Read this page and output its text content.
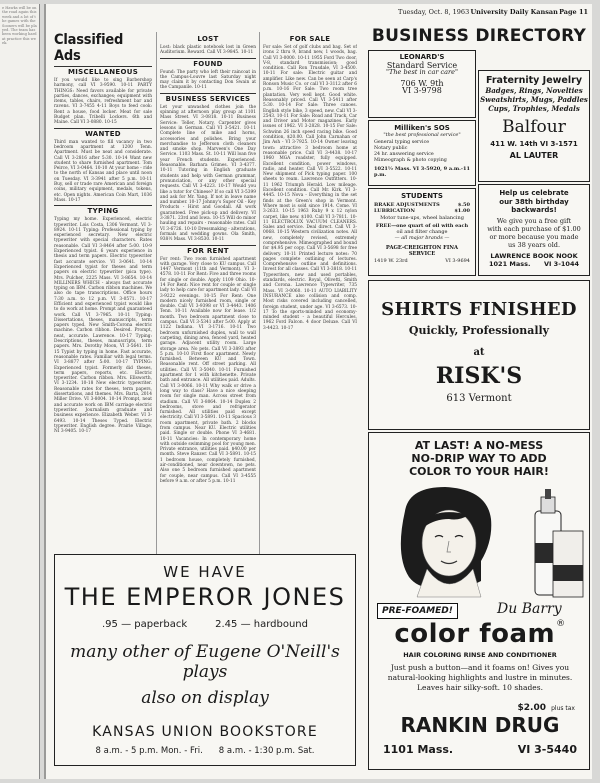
e Hawks will be on the road again this week and a lot of the games with the Sooners will be played. The team has been working hard at practice this week.
Tuesday, Oct. 8, 1963 University Daily Kansan Page 11
Classified Ads
MISCELLANEOUS
If you would like to sing Barbershop harmony, call VI 3-9590. 10-11 PARTY THINGS: Need favors available for private parties, dances, exchanges; equipment with items, tables, chairs, refreshment bar and ravens. VI 3-7455 4-11 Boys to feed cook: Rent a house, food locker. Meat for sale Budget plan. Tribelli Lockers. 6th and Maine. Call VI 3-0880. 10-15
WANTED
Third man wanted to fill vacancy in two bedroom apartment at 1200 Tenn. Apartment. Must be neat and considerate. Call VI 3-2816 after 5:30. 10-14 Want new student to share furnished apartment. Tom Peirce, VI 3-0464. 10-10 At your home - ride to the north of Kansas and place until noon on Tuesday. VI 3-3941 after 5 p.m. 10-11 Buy, sell or trade rare American and foreign coins, military equipment, medals, tokens, etc. Open nights. American Coin Mart, 1036 Mass. 10-17
TYPING
Typing my home. Experienced, electric typewriter. Lois Costa, 1306 Vermont. VI 3-8924. 10-11 Typing: Professional typing by experienced secretary. New electric typewriter with special characters. Rates reasonable. Call VI 3-8464 after 5:00. 10-9 Experienced typist. 6 years experience in thesis and term papers. Electric typewriter fast accurate service. VI 3-0641. 10-14 Experienced typist for theses and term papers on electric typewriter (pica type). Mrs. Pulcher, 2225 Mass. VI 3-8654. 10-14 MILLINERS WHICH - always fast accurate typing on IBM. Carbon ribbon machines. We also do tape transcriptions. Office hours 7:30 a.m. to 12 p.m. VI 3-0571. 10-17 Efficient and experienced typist would like to do work at home. Prompt and guaranteed work. Call VI 3-7965. 10-11 Typing: Dissertations, theses, manuscripts, term papers typed. New Smith-Corona electric machine. Carbon ribbon. Desired. Prompt, neat, accurate. Lawrence. 10-17 Typing: Descriptions, theses, manuscripts, term papers. Mrs. Dorothy Moon, VI 3-5641. 10-15 Typist by typing in home. Fast accurate, reasonable rates. Familiar with legal terms. VI 3-8877 after 5:00. 10-17 TYPING: Experienced typist. Formerly did theses, term papers, reports, etc. Electric typewriter. Carbon ribbon. Mrs. Ellsworth, VI 3-1234. 10-18 New electric typewriter. Reasonable rates for theses, term papers, dissertations, and themes. Mrs. Barta, 2014 Miller Drive. VI 3-8004. 10-14 Prompt, neat and accurate work on IBM carriage electric typewriter. Journalism graduate and business experience. Elizabeth Weber. VI 3-6493. 10-14 Theses Typed. Electric typewriter. English degree. Prairie Village, NI 3-9405. 10-17
LOST
Lost: black plastic notebook lost in Green Auditorium. Reward. Call VI 3-9845. 10-11
FOUND
Found: The party who left their raincoat in the Campus-Louvre last Saturday night may claim it by contacting Don Swain at the Campanile. 10-11
BUSINESS SERVICES
Let your unwashed clothes join the spinning at afternoon play group at 1101 Mass Street. VI 3-0818. 10-11 Business Service: Teller, Notary, Carpenter gives lessons in German. Call VI 3-5421. 10-11 Complete line of mike and horns, accessories and polishes. Bring your merchandise to Jefferson cloth cleaners and smoke shop. Marveen's One Day Service. 1103 Mass. St. 10-11 Will loan five year French students. Experienced. Reasonable. Barbara Grimes. VI 3-4377. 10-11 Tutoring in English graduate students and help with German grammar, pronunciation, or any other special requests. Call VI 3-4223. 10-17 Would you like a tutor for Chinese? If so call VI 3-5399 and ask for Mr. Yang. If not in leave name and number. 10-17 Johnny's Super Oil - Key Products - Hirst and Goodall. All work guaranteed. Free pick-up and delivery. VI 3-3871. 23rd and Iowa. 10-15 Will do minor hauling and repairs - reasonable rates. Call VI 3-6726. 10-10 Dressmaking - alterations, formals and wedding gowns. Ola Smith, 938½ Mass. VI 3-8530. 10-11
FOR RENT
For rent: Two room furnished apartment with garage. Very close to KU campus. Call 1447 Vermont (11th and Vermont). VI 3-4578. 10-11 For Rent: Five and three rooms for single or double. Apply 1109 Ohio. 10-14 For Rent: Nice rent for couple or single lady to help care for apartment lady. Call VI 3-9222 evenings. 10-15 For Rent: One modern nicely furnished room, single or double. Call VI 3-9398 or VI 3-4443. 1406 Tenn. 10-11 Available now for lease. 1/2 month. Two bedroom apartment close to campus. Call VI 3-5341 after 5:00. Apply at 1122 Indiana. VI 3-1716. 10-11 Two bedroom unfurnished duplex, wall to wall carpeting, dining area, fenced yard, heated garage. Adjacent utility room. Large storage area. No pets. Call VI 3-3893 after 5 p.m. 10-10 First floor apartment. Newly furnished. Between KU and Town. Reasonable rent. Off street parking. All utilities. Call VI 3-5040. 10-11 Furnished apartment for 1 with kitchenette. Private bath and entrance. All utilities paid. Adults. Call VI 3-0066. 10-11 Why walk or drive a long way to class? Have a nice sleeping room for single man. Across street from stadium. Call VI 3-8064. 10-14 Duplex 2 bedrooms, stove and refrigerator furnished. All utilities paid except electricity. Call VI 3-5891. 10-11 Spacious 3 room apartment, private bath. 2 blocks from campus. Near KU. Electric utilities paid. Single or double. Phone VI 3-4681. 10-11 Vacancies: In contemporary home with outside swimming pool for young men. Private entrance, utilities paid. $40.00 per month. Steve Ranzer. Call VI 3-5891. 10-15 1 bedroom house, completely furnished, air-conditioned, near downtown, no pets. Also one 5 bedroom furnished apartment for couple, near campus. Call VI 3-4555 before 9 a.m. or after 5 p.m. 10-11
FOR SALE
For sale: Set of golf clubs and bag. Set of irons 2 thru 9, brand new, 1 woods, bag. Call VI 3-0000. 10-11 1955 Ford Two door, V-8, standard transmission; good condition. Call Ron Trusdale, VI 3-4500. 10-11 For sale: Electric guitar and amplifier. Like new. Can be seen at Carp's Ronson Music Co. or call VI 3-3112 after 6 p.m. 10-16 For Sale: Two room tree plantation. Very well kept. Good white. Reasonably priced. Call VI 3-5411 after 5:30. 10-14 For Sale: Three canoes. English style bike, 3 speed, new. Call VI 3-2543. 10-11 For Sale: Road and Track, Car and Driver and Motor magazines. Early issues of 1962. VI 3-2828. 10-15 For Sale: Schwinn 26 inch speed racing bike. Good condition, $20.00. Call John Carnahan or Jim Ash - VI 3-7925. 10-14 Owner leaving town: attractive 3 bedroom home at reasonable price. Call VI 3-4438. 10-17 1960 MGA roadster, fully equipped. Excellent condition, power windows, radio, and heater. Call VI 3-5522. 10-11 New shipment of Pick typing paper. 100 sheets to ream. Lawrence Outfitters. 10-11 1962 Triumph Herald. Low mileage. Excellent condition. Call Mr. Kirk. VI 3-4445. 10-15 Nova - Everything in the set finds at the Green's shop in Vermont. Where most is sold since 1914. Come. VI 3-2633. 10-15 1963 Ruby 9 x 12 nylon carpet, like new. $100. Call VI 3-7811. 10-11 ELECTROLUX VACUUM CLEANERS. Sales and service. Deal direct. Call VI 3-0068. 10-15 Western civilization notes. All new, completely revised, extremely comprehensive. Mimeographed and bound for $4.95 per copy. Call VI 3-5698 for free delivery. 10-11 Printed lecture notes: 70 pages complete outlining of lectures. Comprehensive outline and definitions. Invest for all classes. Call VI 3-3818. 10-11 Typewriters, new and used portables, standards, electric. Royal, Olivetti, Smith and Corona. Lawrence Typewriter, 735 Mass. VI 3-0060. 10-11 AUTO LIABILITY INSURANCE also collision and comp. Most risks covered including cancelled, foreign student, under age. VI 3-6573. 10-17 To the sports-minded and economy-minded student - a beautiful Hercules, 1962 Ford Falcon. 4 door Deluxe. Call VI 3-4423. 10-17
WE HAVE
THE EMPEROR JONES
.95 — paperback	2.45 — hardbound
many other of Eugene O'Neill's plays
also on display
KANSAS UNION BOOKSTORE
8 a.m. - 5 p.m. Mon. - Fri. 8 a.m. - 1:30 p.m. Sat.
BUSINESS DIRECTORY
LEONARD'S
Standard Service
"The best in car care"
706 W. 9th
VI 3-9798
Fraternity Jewelry
Badges, Rings, Novelties
Sweatshirts, Mugs, Paddles
Cups, Trophies, Medals
Balfour
411 W. 14th VI 3-1571
AL LAUTER
Milliken's SOS
"the best professional service"
General typing service
Notary public
24 hr. answering service
Mimeograph & photo copying
1021½ Mass. VI 3-5920, 9 a.m.-11 p.m.
STUDENTS
BRAKE ADJUSTMENTS	$.50
LUBRICATION	$1.00
Motor tune-ups, wheel balancing
FREE—one quart of oil with each
oil and filter change
— all major brands —
PAGE-CREIGHTON FINA SERVICE
1419 W. 23rd	VI 3-9694
Help us celebrate
our 38th birthday
backwards!
We give you a free gift
with each purchase of $1.00
or more because you made
us 38 years old.
LAWRENCE BOOK NOOK
1021 Mass. VI 3-1044
SHIRTS FINISHED
Quickly, Professionally
at
RISK'S
613 Vermont
AT LAST! A NO-MESS
NO-DRIP WAY TO ADD
COLOR TO YOUR HAIR!
PRE-FOAMED!	Du Barry
color foam®
HAIR COLORING RINSE AND CONDITIONER
Just push a button—and it foams on! Gives you natural-looking highlights and lustre in minutes. Leaves hair silky-soft. 10 shades.
$2.00 plus tax
RANKIN DRUG
1101 Mass.	VI 3-5440
